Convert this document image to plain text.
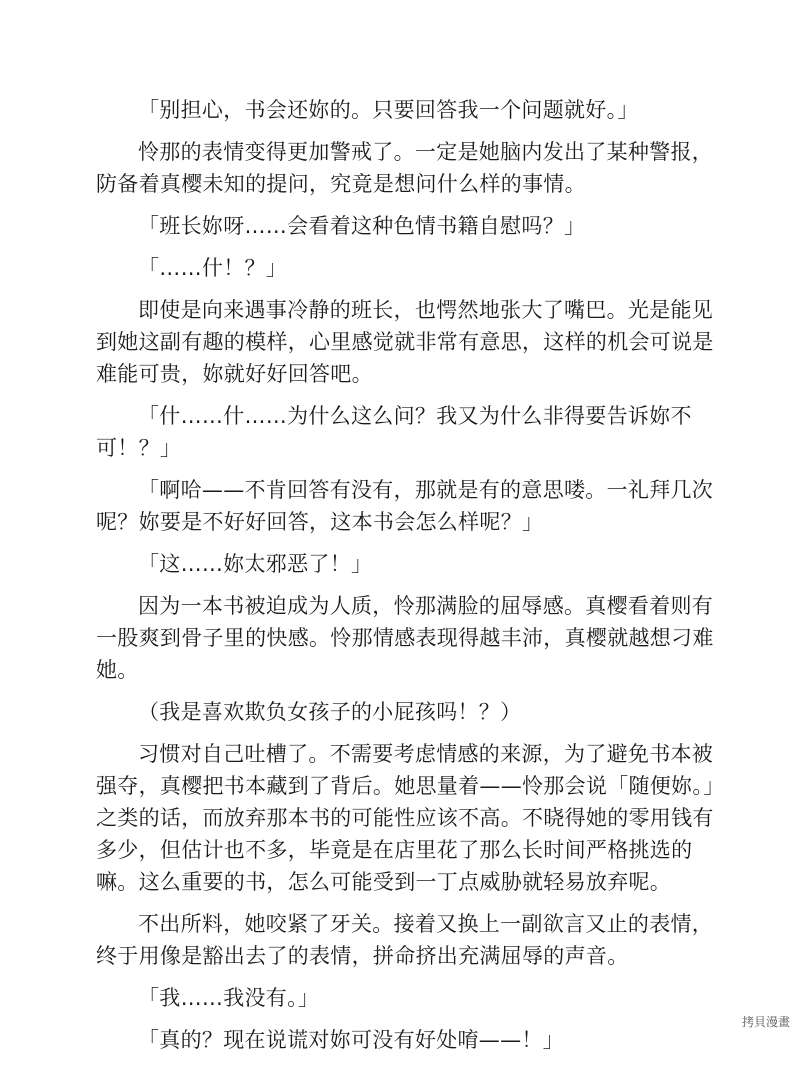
「别担心，书会还妳的。只要回答我一个问题就好。」

怜那的表情变得更加警戒了。一定是她脑内发出了某种警报，防备着真樱未知的提问，究竟是想问什么样的事情。

「班长妳呀……会看着这种色情书籍自慰吗？」

「……什！？」

即使是向来遇事冷静的班长，也愕然地张大了嘴巴。光是能见到她这副有趣的模样，心里感觉就非常有意思，这样的机会可说是难能可贵，妳就好好回答吧。

「什……什……为什么这么问？我又为什么非得要告诉妳不可！？」

「啊哈——不肯回答有没有，那就是有的意思喽。一礼拜几次呢？妳要是不好好回答，这本书会怎么样呢？」

「这……妳太邪恶了！」

因为一本书被迫成为人质，怜那满脸的屈辱感。真樱看着则有一股爽到骨子里的快感。怜那情感表现得越丰沛，真樱就越想刁难她。

（我是喜欢欺负女孩子的小屁孩吗！？）

习惯对自己吐槽了。不需要考虑情感的来源，为了避免书本被强夺，真樱把书本藏到了背后。她思量着——怜那会说「随便妳。」之类的话，而放弃那本书的可能性应该不高。不晓得她的零用钱有多少，但估计也不多，毕竟是在店里花了那么长时间严格挑选的嘛。这么重要的书，怎么可能受到一丁点威胁就轻易放弃呢。

不出所料，她咬紧了牙关。接着又换上一副欲言又止的表情，终于用像是豁出去了的表情，拼命挤出充满屈辱的声音。

「我……我没有。」

「真的？现在说谎对妳可没有好处唷——！」

拷貝漫畫
